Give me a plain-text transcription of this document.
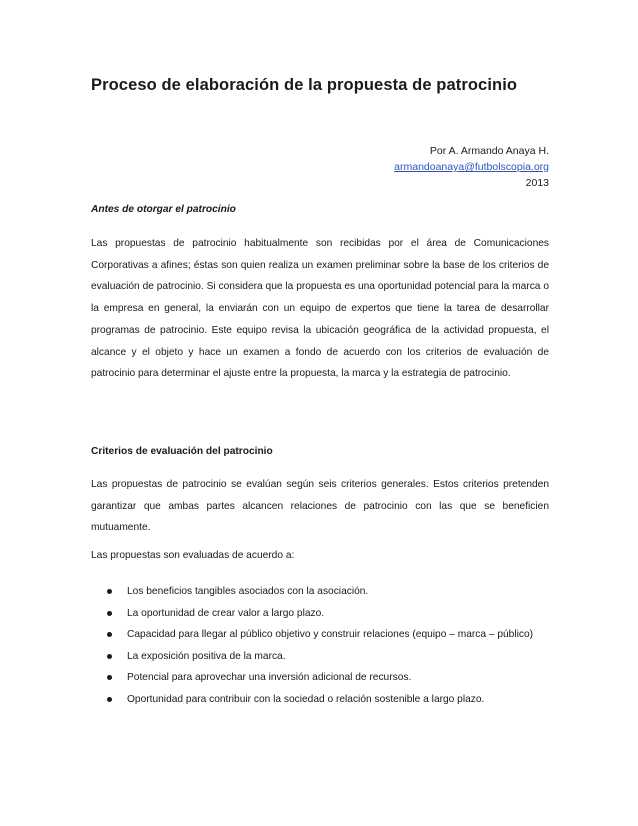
Proceso de elaboración de la propuesta de patrocinio
Por A. Armando Anaya H.
armandoanaya@futbolscopia.org
2013
Antes de otorgar el patrocinio

Las propuestas de patrocinio habitualmente son recibidas por el área de Comunicaciones Corporativas a afines; éstas son quien realiza un examen preliminar sobre la base de los criterios de evaluación de patrocinio. Si considera que la propuesta es una oportunidad potencial para la marca o la empresa en general, la enviarán con un equipo de expertos que tiene la tarea de desarrollar programas de patrocinio. Este equipo revisa la ubicación geográfica de la actividad propuesta, el alcance y el objeto y hace un examen a fondo de acuerdo con los criterios de evaluación de patrocinio para determinar el ajuste entre la propuesta, la marca y la estrategia de patrocinio.

Criterios de evaluación del patrocinio

Las propuestas de patrocinio se evalúan según seis criterios generales. Estos criterios pretenden garantizar que ambas partes alcancen relaciones de patrocinio con las que se beneficien mutuamente.

Las propuestas son evaluadas de acuerdo a:

Los beneficios tangibles asociados con la asociación.
La oportunidad de crear valor a largo plazo.
Capacidad para llegar al público objetivo y construir relaciones (equipo – marca – público)
La exposición positiva de la marca.
Potencial para aprovechar una inversión adicional de recursos.
Oportunidad para contribuir con la sociedad o relación sostenible a largo plazo.
